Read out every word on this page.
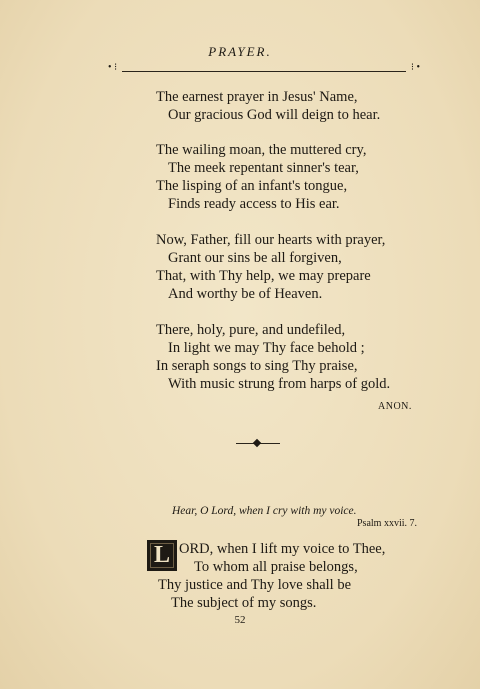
PRAYER.
• ⁝	⁝ •
The earnest prayer in Jesus' Name,
Our gracious God will deign to hear.
The wailing moan, the muttered cry,
The meek repentant sinner's tear,
The lisping of an infant's tongue,
Finds ready access to His ear.
Now, Father, fill our hearts with prayer,
Grant our sins be all forgiven,
That, with Thy help, we may prepare
And worthy be of Heaven.
There, holy, pure, and undefiled,
In light we may Thy face behold ;
In seraph songs to sing Thy praise,
With music strung from harps of gold.
ANON.
Hear, O Lord, when I cry with my voice.
Psalm xxvii. 7.
L ORD, when I lift my voice to Thee,
To whom all praise belongs,
Thy justice and Thy love shall be
The subject of my songs.
52
